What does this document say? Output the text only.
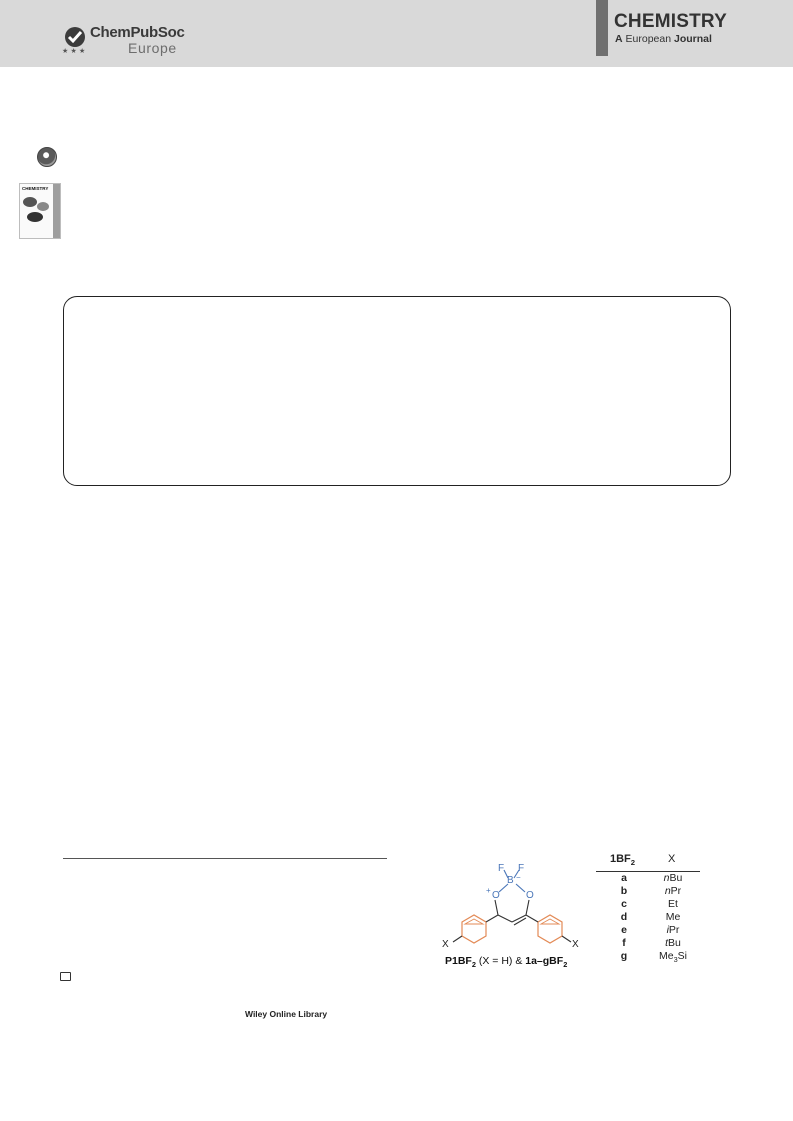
★ ★ ★
ChemPubSoc
Europe
CHEMISTRY
A European Journal
CHEMISTRY
Wiley Online Library
F F
B −
O
+	O
X	X
$P1BF_2$ (X = H) & 1a–gBF$_2$
$1BF_2$	X
a	nBu
b	nPr
c	Et
d	Me
e	iPr
f	tBu
g	$Me_3Si$
